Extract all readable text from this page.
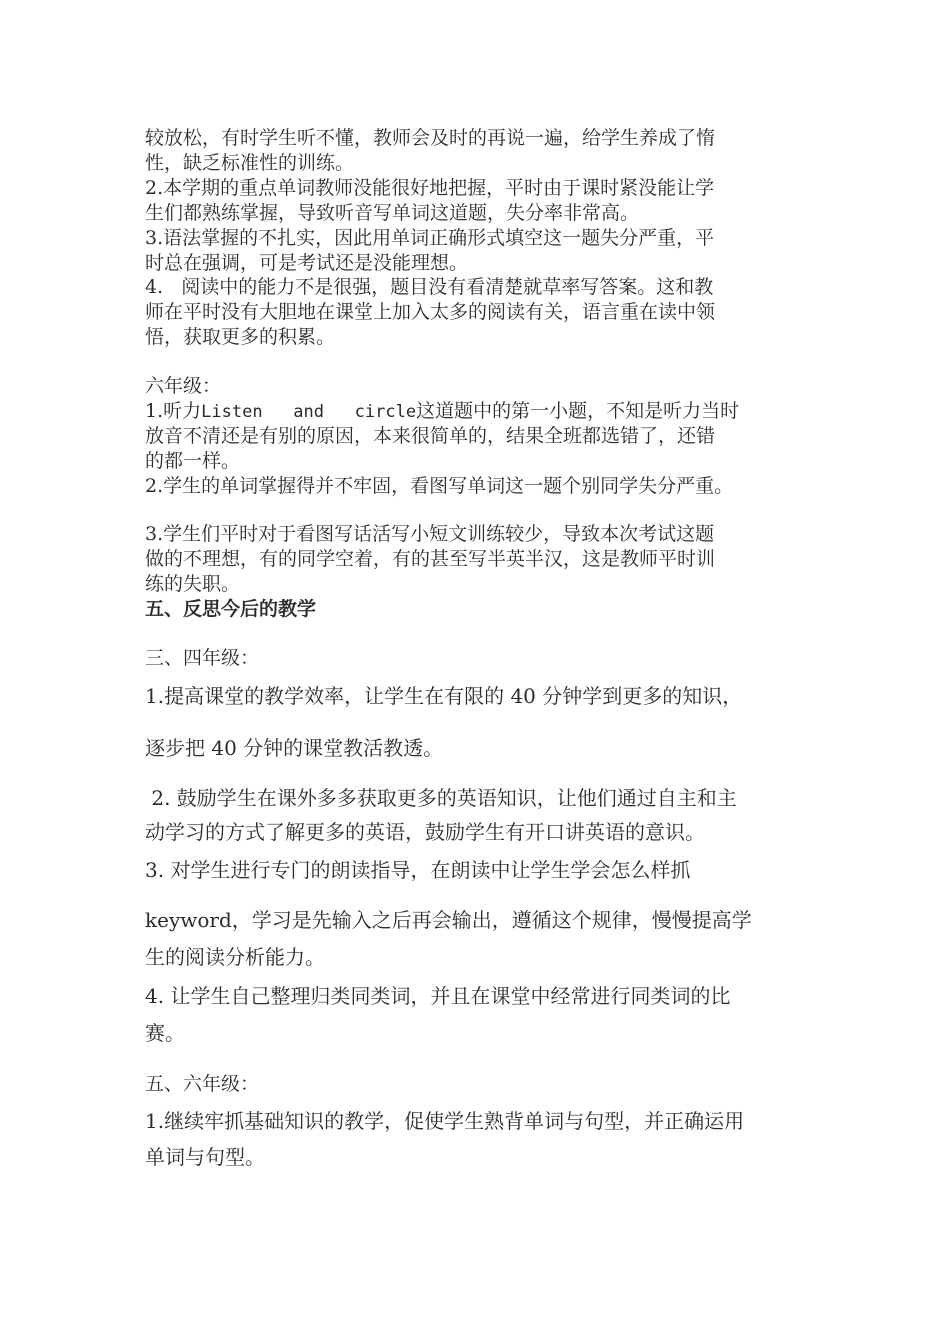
较放松，有时学生听不懂，教师会及时的再说一遍，给学生养成了惰
性，缺乏标准性的训练。
2.本学期的重点单词教师没能很好地把握，平时由于课时紧没能让学
生们都熟练掌握，导致听音写单词这道题，失分率非常高。
3.语法掌握的不扎实，因此用单词正确形式填空这一题失分严重，平
时总在强调，可是考试还是没能理想。
4.   阅读中的能力不是很强，题目没有看清楚就草率写答案。这和教
师在平时没有大胆地在课堂上加入太多的阅读有关，语言重在读中领
悟，获取更多的积累。
六年级：
1.听力Listen   and   circle这道题中的第一小题，不知是听力当时
放音不清还是有别的原因，本来很简单的，结果全班都选错了，还错
的都一样。
2.学生的单词掌握得并不牢固，看图写单词这一题个别同学失分严重。
3.学生们平时对于看图写话活写小短文训练较少，导致本次考试这题
做的不理想，有的同学空着，有的甚至写半英半汉，这是教师平时训
练的失职。
五、反思今后的教学
三、四年级：
1.提高课堂的教学效率，让学生在有限的 40 分钟学到更多的知识，
逐步把 40 分钟的课堂教活教透。
2. 鼓励学生在课外多多获取更多的英语知识，让他们通过自主和主
动学习的方式了解更多的英语，鼓励学生有开口讲英语的意识。
3. 对学生进行专门的朗读指导，在朗读中让学生学会怎么样抓
keyword，学习是先输入之后再会输出，遵循这个规律，慢慢提高学
生的阅读分析能力。
4. 让学生自己整理归类同类词，并且在课堂中经常进行同类词的比
赛。
五、六年级：
1.继续牢抓基础知识的教学，促使学生熟背单词与句型，并正确运用
单词与句型。
